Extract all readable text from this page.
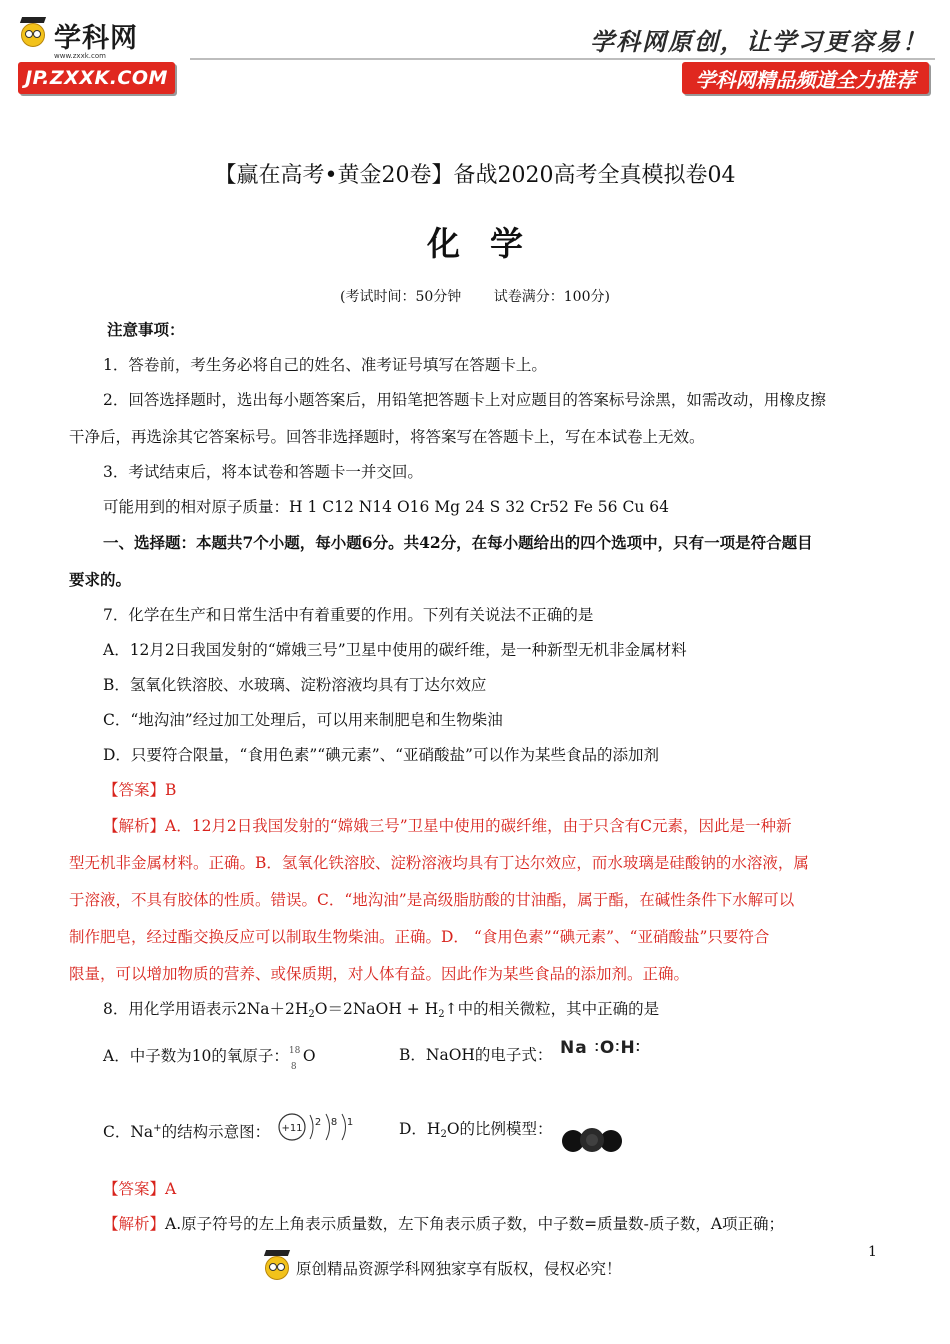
学科网
www.zxxk.com
JP.ZXXK.COM
学科网原创，让学习更容易！
学科网精品频道全力推荐
【赢在高考•黄金20卷】备战2020高考全真模拟卷04
化学
(考试时间：50分钟 试卷满分：100分)
注意事项：
1．答卷前，考生务必将自己的姓名、准考证号填写在答题卡上。
2．回答选择题时，选出每小题答案后，用铅笔把答题卡上对应题目的答案标号涂黑，如需改动，用橡皮擦
干净后，再选涂其它答案标号。回答非选择题时，将答案写在答题卡上，写在本试卷上无效。
3．考试结束后，将本试卷和答题卡一并交回。
可能用到的相对原子质量：H 1 C12 N14 O16 Mg 24 S 32 Cr52 Fe 56 Cu 64
一、选择题：本题共7个小题，每小题6分。共42分，在每小题给出的四个选项中，只有一项是符合题目
要求的。
7．化学在生产和日常生活中有着重要的作用。下列有关说法不正确的是
A．12月2日我国发射的“嫦娥三号”卫星中使用的碳纤维，是一种新型无机非金属材料
B．氢氧化铁溶胶、水玻璃、淀粉溶液均具有丁达尔效应
C．“地沟油”经过加工处理后，可以用来制肥皂和生物柴油
D．只要符合限量，“食用色素”“碘元素”、“亚硝酸盐”可以作为某些食品的添加剂
【答案】B
【解析】A．12月2日我国发射的“嫦娥三号”卫星中使用的碳纤维，由于只含有C元素，因此是一种新
型无机非金属材料。正确。B．氢氧化铁溶胶、淀粉溶液均具有丁达尔效应，而水玻璃是硅酸钠的水溶液，属
于溶液，不具有胶体的性质。错误。C．“地沟油”是高级脂肪酸的甘油酯，属于酯，在碱性条件下水解可以
制作肥皂，经过酯交换反应可以制取生物柴油。正确。D． “食用色素”“碘元素”、“亚硝酸盐”只要符合
限量，可以增加物质的营养、或保质期，对人体有益。因此作为某些食品的添加剂。正确。
8．用化学用语表示$2Na+2H_2O=2NaOH$ + $H_2↑$中的相关微粒，其中正确的是
A．中子数为10的氧原子： 18
8
O	B．NaOH的电子式： Na ⁚O⁚H⁚
C．Na+的结构示意图： +11
2 8 1	D．$H_2O$的比例模型：
【答案】A
【解析】A.原子符号的左上角表示质量数，左下角表示质子数，中子数=质量数-质子数，A项正确；
原创精品资源学科网独家享有版权，侵权必究！
1
